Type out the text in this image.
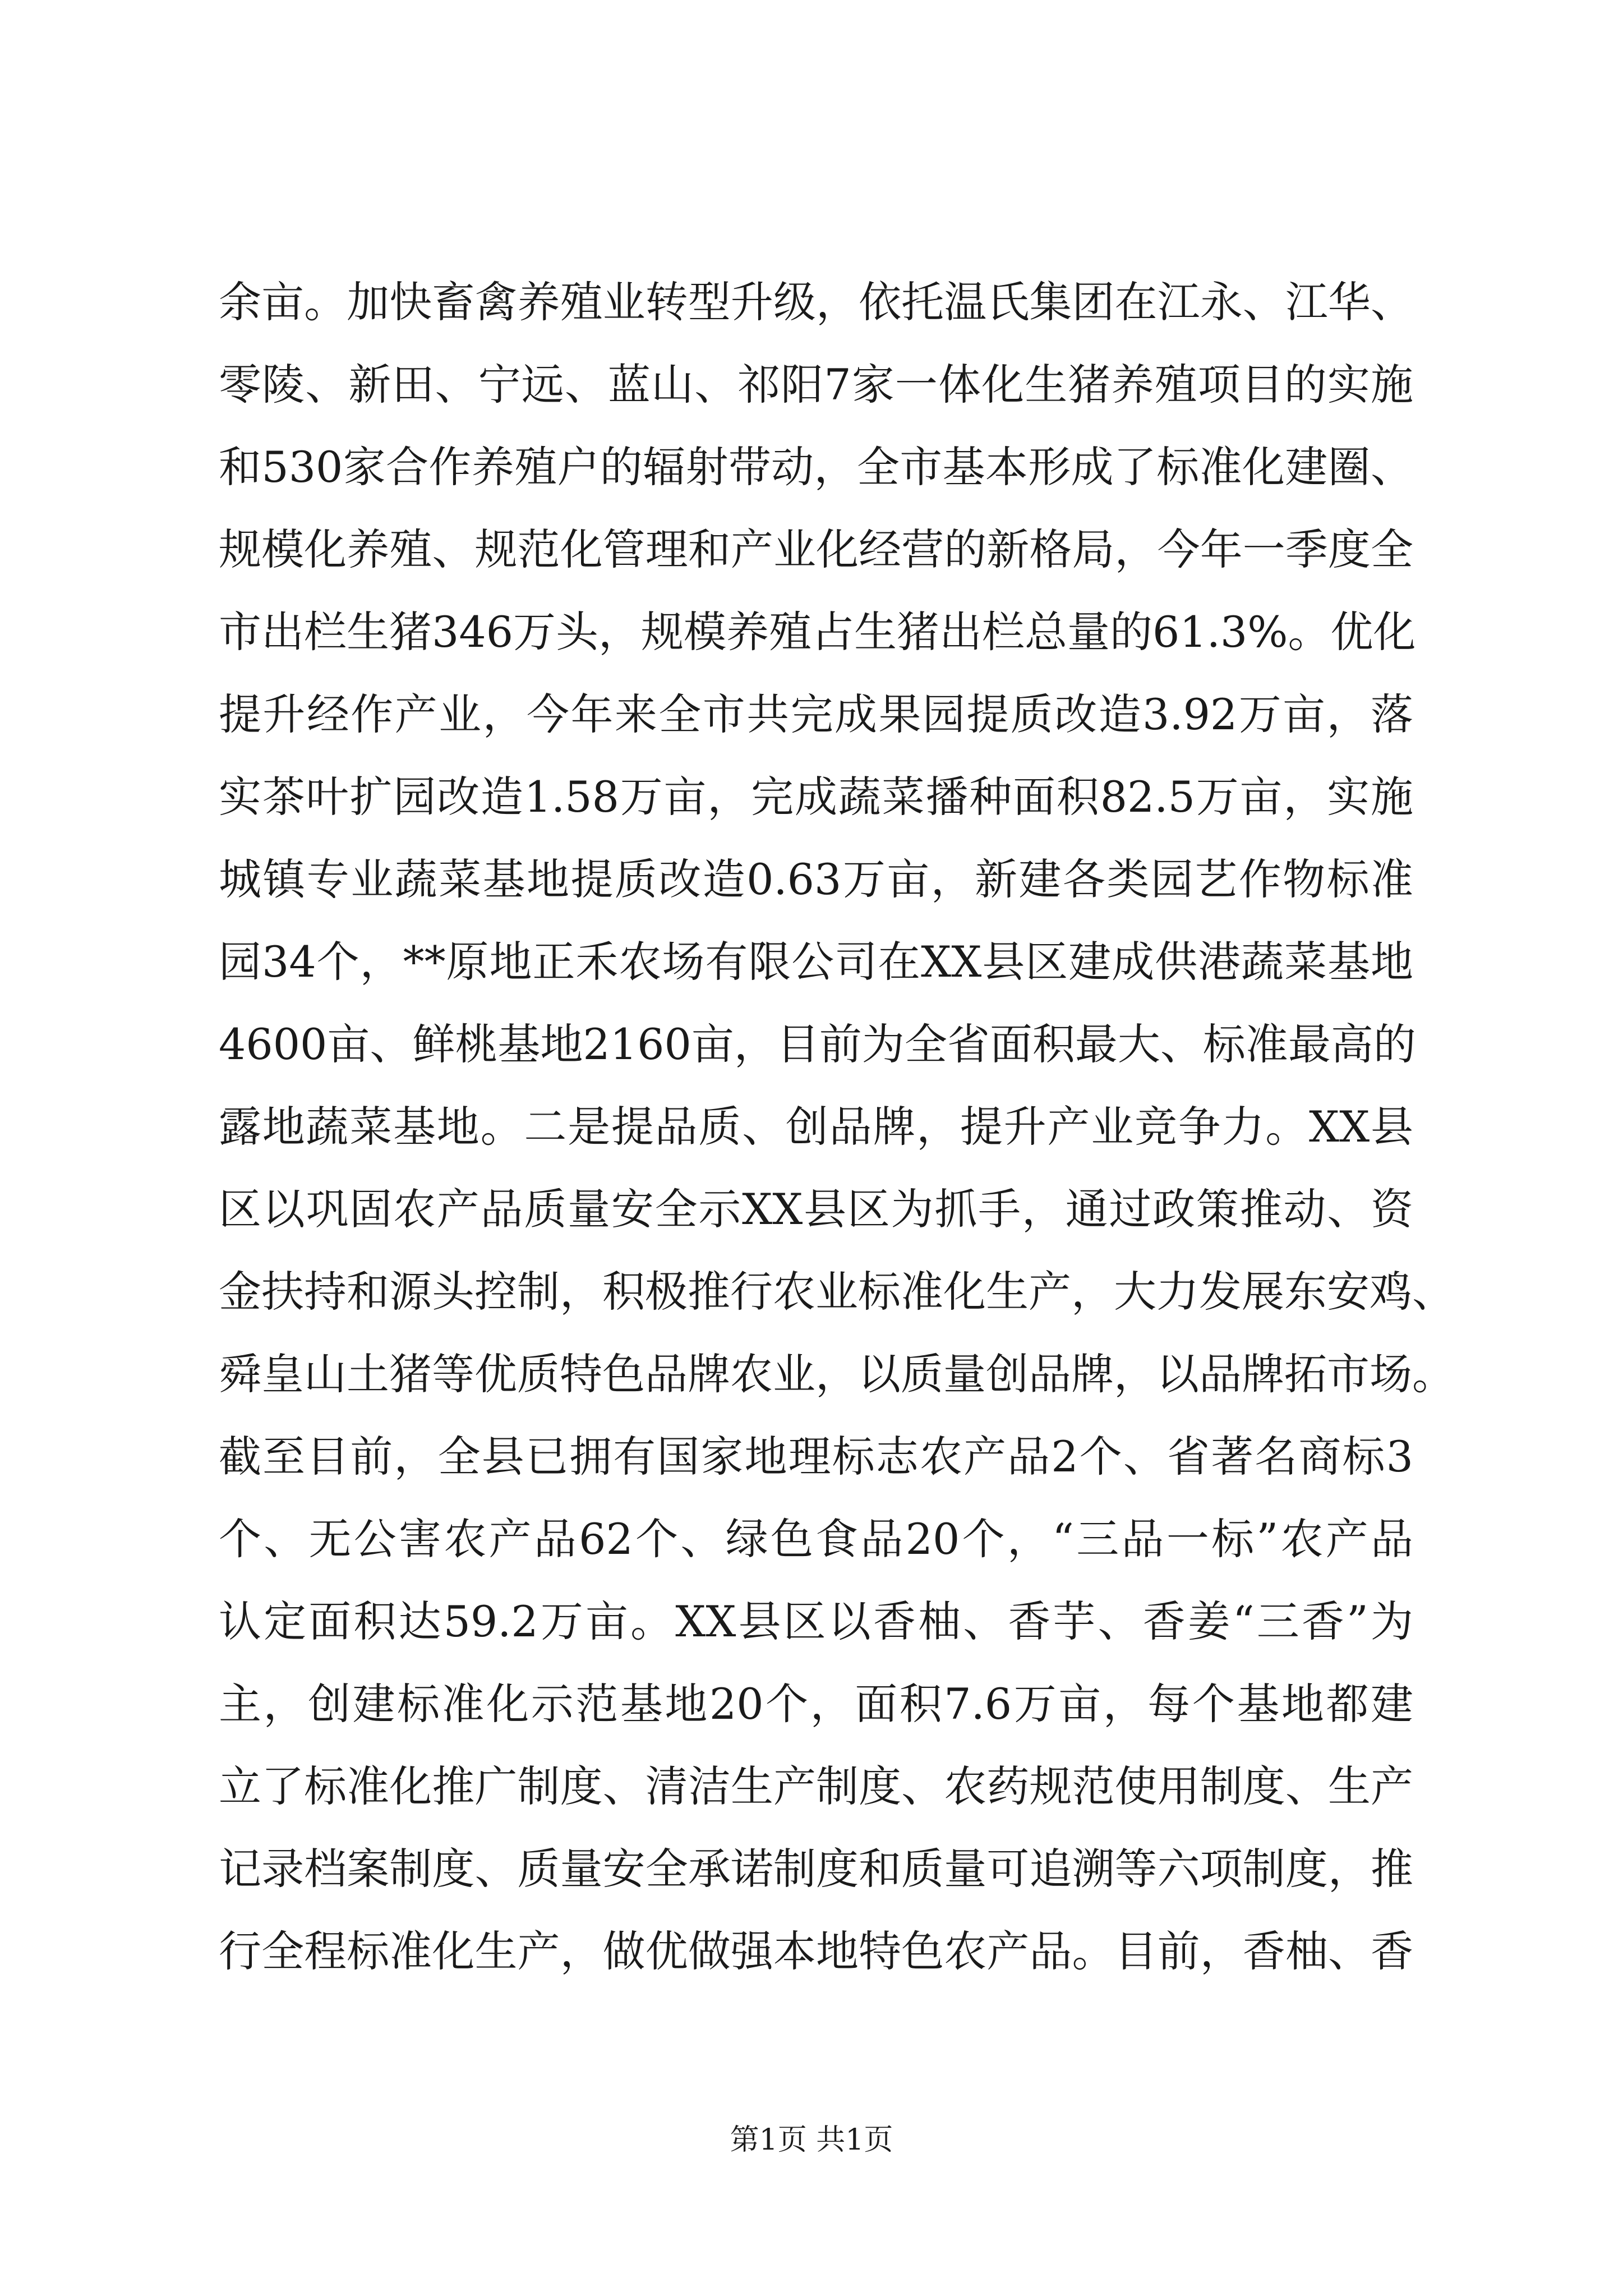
余亩。加快畜禽养殖业转型升级，依托温氏集团在江永、江华、
零陵、新田、宁远、蓝山、祁阳7家一体化生猪养殖项目的实施
和530家合作养殖户的辐射带动，全市基本形成了标准化建圈、
规模化养殖、规范化管理和产业化经营的新格局，今年一季度全
市出栏生猪346万头，规模养殖占生猪出栏总量的61.3%。优化
提升经作产业，今年来全市共完成果园提质改造3.92万亩，落
实茶叶扩园改造1.58万亩，完成蔬菜播种面积82.5万亩，实施
城镇专业蔬菜基地提质改造0.63万亩，新建各类园艺作物标准
园34个，**原地正禾农场有限公司在XX县区建成供港蔬菜基地
4600亩、鲜桃基地2160亩，目前为全省面积最大、标准最高的
露地蔬菜基地。二是提品质、创品牌，提升产业竞争力。XX县
区以巩固农产品质量安全示XX县区为抓手，通过政策推动、资
金扶持和源头控制，积极推行农业标准化生产，大力发展东安鸡、
舜皇山土猪等优质特色品牌农业，以质量创品牌，以品牌拓市场。
截至目前，全县已拥有国家地理标志农产品2个、省著名商标3
个、无公害农产品62个、绿色食品20个，“三品一标”农产品
认定面积达59.2万亩。XX县区以香柚、香芋、香姜“三香”为
主，创建标准化示范基地20个，面积7.6万亩，每个基地都建
立了标准化推广制度、清洁生产制度、农药规范使用制度、生产
记录档案制度、质量安全承诺制度和质量可追溯等六项制度，推
行全程标准化生产，做优做强本地特色农产品。目前，香柚、香
第1页 共1页
